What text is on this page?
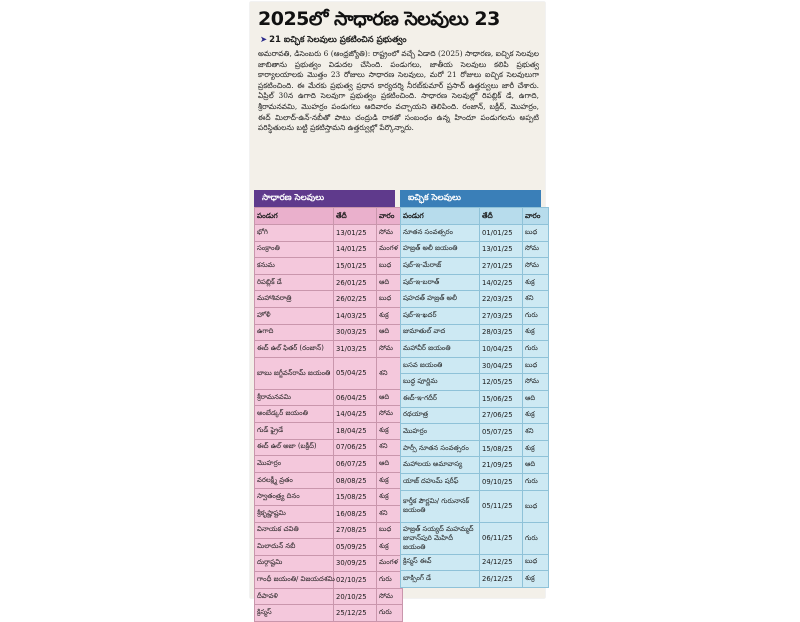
2025లో సాధారణ సెలవులు 23
➤ 21 ఐచ్ఛిక సెలవులు ప్రకటించిన ప్రభుత్వం
అమరావతి, డిసెంబరు 6 (ఆంధ్రజ్యోతి): రాష్ట్రంలో వచ్చే ఏడాది (2025) సాధారణ, ఐచ్ఛిక సెలవుల జాబితాను ప్రభుత్వం విడుదల చేసింది. పండుగలు, జాతీయ సెలవులు కలిపి ప్రభుత్వ కార్యాలయాలకు మొత్తం 23 రోజులు సాధారణ సెలవులు, మరో 21 రోజులు ఐచ్ఛిక సెలవులుగా ప్రకటించింది. ఈ మేరకు ప్రభుత్వ ప్రధాన కార్యదర్శి నీరబ్‌కుమార్ ప్రసాద్ ఉత్తర్వులు జారీ చేశారు. ఏప్రిల్ 30న ఉగాది సెలవుగా ప్రభుత్వం ప్రకటించింది. సాధారణ సెలవుల్లో రిపబ్లిక్ డే, ఉగాది, శ్రీరామనవమి, మొహర్రం పండుగలు ఆదివారం వచ్చాయని తెలిపింది. రంజాన్, బక్రీద్, మొహర్రం, ఈద్ మిలాద్-ఉన్-నబీతో పాటు చంద్రుడి రాకతో సంబంధం ఉన్న హిందూ పండుగలను అప్పటి పరిస్థితులను బట్టి ప్రకటిస్తామని ఉత్తర్వుల్లో పేర్కొన్నారు.
సాధారణ సెలవులు
పండుగ	తేదీ	వారం
భోగి	13/01/25	సోమ
సంక్రాంతి	14/01/25	మంగళ
కనుమ	15/01/25	బుధ
రిపబ్లిక్ డే	26/01/25	ఆది
మహాశివరాత్రి	26/02/25	బుధ
హోళీ	14/03/25	శుక్ర
ఉగాది	30/03/25	ఆది
ఈద్ ఉల్ ఫితర్ (రంజాన్)	31/03/25	సోమ
బాబు జగ్జీవన్‌రామ్ జయంతి	05/04/25	శని
శ్రీరామనవమి	06/04/25	ఆది
అంబేడ్కర్ జయంతి	14/04/25	సోమ
గుడ్ ఫ్రైడే	18/04/25	శుక్ర
ఈద్ ఉల్ అజా (బక్రీద్)	07/06/25	శని
మొహర్రం	06/07/25	ఆది
వరలక్ష్మీ వ్రతం	08/08/25	శుక్ర
స్వాతంత్ర్య దినం	15/08/25	శుక్ర
శ్రీకృష్ణాష్టమి	16/08/25	శని
వినాయక చవితి	27/08/25	బుధ
మిలాదున్ నబీ	05/09/25	శుక్ర
దుర్గాష్టమి	30/09/25	మంగళ
గాంధీ జయంతి/ విజయదశమి	02/10/25	గురు
దీపావళి	20/10/25	సోమ
క్రిస్మస్	25/12/25	గురు
ఐచ్ఛిక సెలవులు
పండుగ	తేదీ	వారం
నూతన సంవత్సరం	01/01/25	బుధ
హజ్రత్ అలీ జయంతి	13/01/25	సోమ
షబ్-ఇ-మేరాజ్	27/01/25	సోమ
షబ్-ఇ-బరాత్	14/02/25	శుక్ర
షహదత్ హజ్రత్ అలీ	22/03/25	శని
షబ్-ఇ-ఖదర్	27/03/25	గురు
జుమాతుల్ వాద	28/03/25	శుక్ర
మహావీర్ జయంతి	10/04/25	గురు
బసవ జయంతి	30/04/25	బుధ
బుద్ధ పూర్ణిమ	12/05/25	సోమ
ఈద్-ఇ-గదీర్	15/06/25	ఆది
రథయాత్ర	27/06/25	శుక్ర
మొహర్రం	05/07/25	శని
పార్సీ నూతన సంవత్సరం	15/08/25	శుక్ర
మహాలయ అమావాస్య	21/09/25	ఆది
యాజ్ దహుమ్ షరీఫ్	09/10/25	గురు
కార్తీక పౌర్ణమి/ గురునానక్ జయంతి	05/11/25	బుధ
హజ్రత్ సయ్యద్ మహమ్మద్ జువాన్‌పురి మెహిదీ జయంతి	06/11/25	గురు
క్రిస్మస్ ఈవ్	24/12/25	బుధ
బాక్సింగ్ డే	26/12/25	శుక్ర
